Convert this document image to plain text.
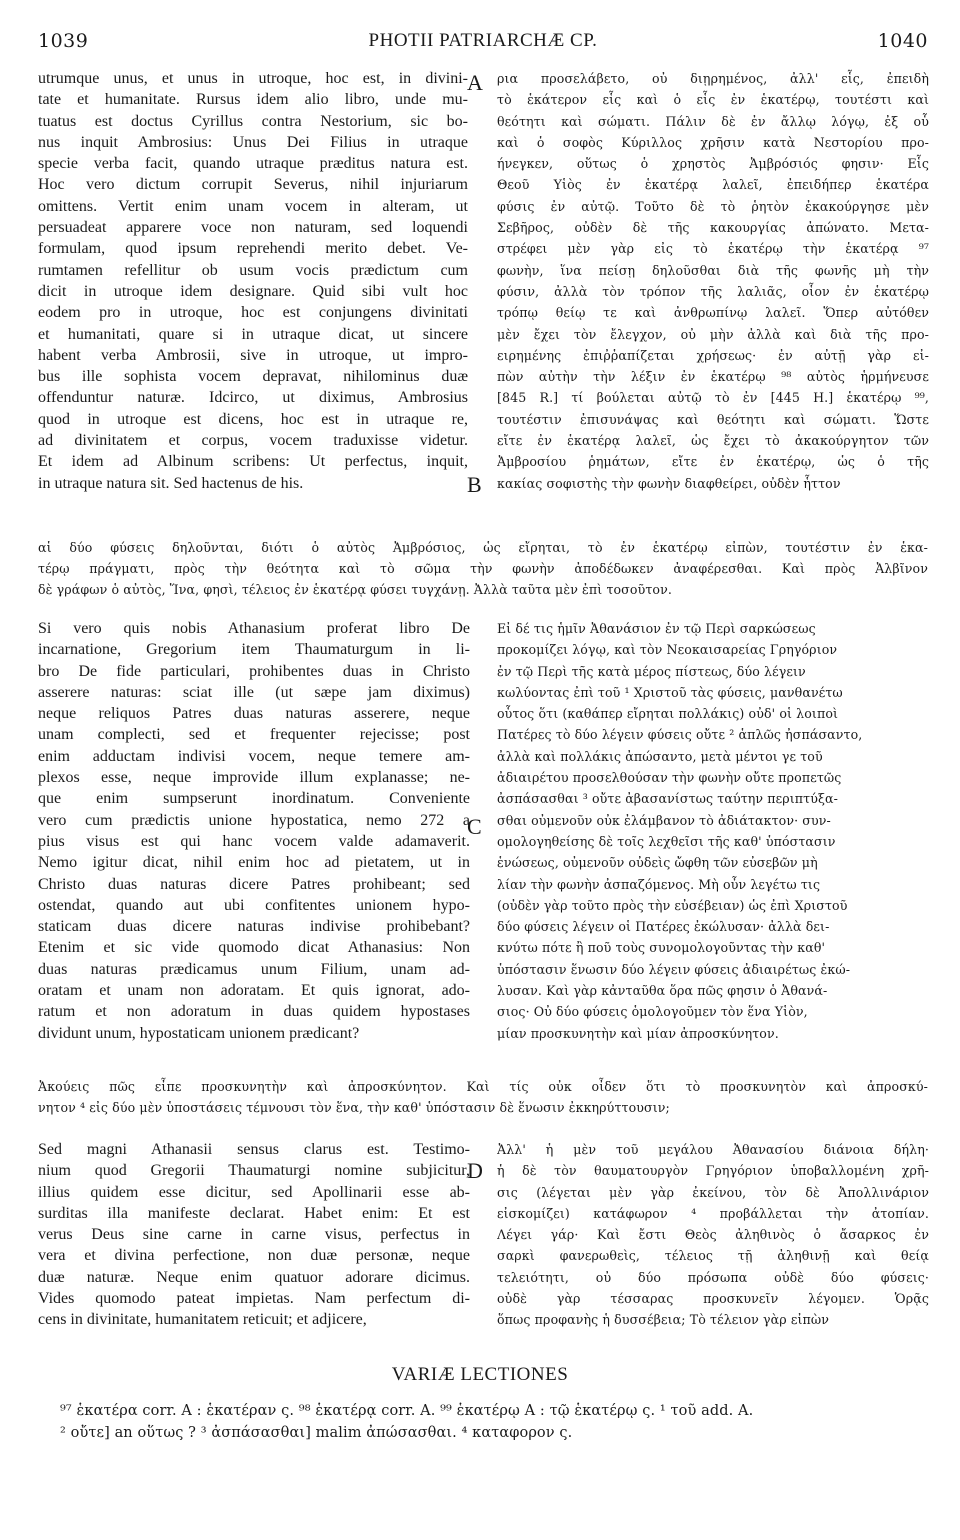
1039	PHOTII PATRIARCHÆ CP.	1040
A
B
C
D
utrumque unus, et unus in utroque, hoc est, in divini-
tate et humanitate. Rursus idem alio libro, unde mu-
tuatus est doctus Cyrillus contra Nestorium, sic bo-
nus inquit Ambrosius: Unus Dei Filius in utraque
specie verba facit, quando utraque præditus natura est.
Hoc vero dictum corrupit Severus, nihil injuriarum
omittens. Vertit enim unam vocem in alteram, ut
persuadeat apparere voce non naturam, sed loquendi
formulam, quod ipsum reprehendi merito debet. Ve-
rumtamen refellitur ob usum vocis prædictum cum
dicit in utroque idem designare. Quid sibi vult hoc
eodem pro in utroque, hoc est conjungens divinitati
et humanitati, quare si in utraque dicat, ut sincere
habent verba Ambrosii, sive in utroque, ut impro-
bus ille sophista vocem depravat, nihilominus duæ
offenduntur naturæ. Idcirco, ut diximus, Ambrosius
quod in utroque est dicens, hoc est in utraque re,
ad divinitatem et corpus, vocem traduxisse videtur.
Et idem ad Albinum scribens: Ut perfectus, inquit,
in utraque natura sit. Sed hactenus de his.
ρια προσελάβετο, οὐ διῃρημένος, ἀλλ' εἷς, ἐπειδὴ
τὸ ἑκάτερον εἷς καὶ ὁ εἷς ἐν ἑκατέρῳ, τουτέστι καὶ
θεότητι καὶ σώματι. Πάλιν δὲ ἐν ἄλλῳ λόγῳ, ἐξ οὗ
καὶ ὁ σοφὸς Κύριλλος χρῆσιν κατὰ Νεστορίου προ-
ήνεγκεν, οὕτως ὁ χρηστὸς Ἀμβρόσιός φησιν· Εἷς
Θεοῦ Υἱὸς ἐν ἑκατέρᾳ λαλεῖ, ἐπειδήπερ ἑκατέρα
φύσις ἐν αὐτῷ. Τοῦτο δὲ τὸ ῥητὸν ἐκακούργησε μὲν
Σεβῆρος, οὐδὲν δὲ τῆς κακουργίας ἀπώνατο. Μετα-
στρέφει μὲν γὰρ εἰς τὸ ἑκατέρῳ τὴν ἑκατέρᾳ ⁹⁷
φωνὴν, ἵνα πείσῃ δηλοῦσθαι διὰ τῆς φωνῆς μὴ τὴν
φύσιν, ἀλλὰ τὸν τρόπον τῆς λαλιᾶς, οἷον ἐν ἑκατέρῳ
τρόπῳ θείῳ τε καὶ ἀνθρωπίνῳ λαλεῖ. Ὅπερ αὐτόθεν
μὲν ἔχει τὸν ἔλεγχον, οὐ μὴν ἀλλὰ καὶ διὰ τῆς προ-
ειρημένης ἐπιῤῥαπίζεται χρήσεως· ἐν αὐτῇ γὰρ εἰ-
πὼν αὐτὴν τὴν λέξιν ἐν ἑκατέρῳ ⁹⁸ αὐτὸς ἡρμήνευσε
[845 R.] τί βούλεται αὐτῷ τὸ ἐν [445 H.] ἑκατέρῳ ⁹⁹,
τουτέστιν ἐπισυνάψας καὶ θεότητι καὶ σώματι. Ὥστε
εἴτε ἐν ἑκατέρᾳ λαλεῖ, ὡς ἔχει τὸ ἀκακούργητον τῶν
Ἀμβροσίου ῥημάτων, εἴτε ἐν ἑκατέρῳ, ὡς ὁ τῆς
κακίας σοφιστὴς τὴν φωνὴν διαφθείρει, οὐδὲν ἧττον
αἱ δύο φύσεις δηλοῦνται, διότι ὁ αὐτὸς Ἀμβρόσιος, ὡς εἴρηται, τὸ ἐν ἑκατέρῳ εἰπὼν, τουτέστιν ἐν ἑκα-
τέρῳ πράγματι, πρὸς τὴν θεότητα καὶ τὸ σῶμα τὴν φωνὴν ἀποδέδωκεν ἀναφέρεσθαι. Καὶ πρὸς Ἀλβῖνον
δὲ γράφων ὁ αὐτὸς, Ἵνα, φησὶ, τέλειος ἐν ἑκατέρᾳ φύσει τυγχάνῃ. Ἀλλὰ ταῦτα μὲν ἐπὶ τοσοῦτον.
Si vero quis nobis Athanasium proferat libro De
incarnatione, Gregorium item Thaumaturgum in li-
bro De fide particulari, prohibentes duas in Christo
asserere naturas: sciat ille (ut sæpe jam diximus)
neque reliquos Patres duas naturas asserere, neque
unam complecti, sed et frequenter rejecisse; post
enim adductam indivisi vocem, neque temere am-
plexos esse, neque improvide illum explanasse; ne-
que enim sumpserunt inordinatum. Conveniente
vero cum prædictis unione hypostatica, nemo 272 a
pius visus est qui hanc vocem valde adamaverit.
Nemo igitur dicat, nihil enim hoc ad pietatem, ut in
Christo duas naturas dicere Patres prohibeant; sed
ostendat, quando aut ubi confitentes unionem hypo-
staticam duas dicere naturas indivise prohibebant?
Etenim et sic vide quomodo dicat Athanasius: Non
duas naturas prædicamus unum Filium, unam ad-
oratam et unam non adoratam. Et quis ignorat, ado-
ratum et non adoratum in duas quidem hypostases
dividunt unum, hypostaticam unionem prædicant?
Εἰ δέ τις ἡμῖν Ἀθανάσιον ἐν τῷ Περὶ σαρκώσεως
προκομίζει λόγῳ, καὶ τὸν Νεοκαισαρείας Γρηγόριον
ἐν τῷ Περὶ τῆς κατὰ μέρος πίστεως, δύο λέγειν
κωλύοντας ἐπὶ τοῦ ¹ Χριστοῦ τὰς φύσεις, μανθανέτω
οὗτος ὅτι (καθάπερ εἴρηται πολλάκις) οὐδ' οἱ λοιποὶ
Πατέρες τὸ δύο λέγειν φύσεις οὔτε ² ἁπλῶς ἠσπάσαντο,
ἀλλὰ καὶ πολλάκις ἀπώσαντο, μετὰ μέντοι γε τοῦ
ἀδιαιρέτου προσελθούσαν τὴν φωνὴν οὔτε προπετῶς
ἀσπάσασθαι ³ οὔτε ἀβασανίστως ταύτην περιπτύξα-
σθαι οὐμενοῦν οὐκ ἐλάμβανον τὸ ἀδιάτακτον· συν-
ομολογηθείσης δὲ τοῖς λεχθεῖσι τῆς καθ' ὑπόστασιν
ἑνώσεως, οὐμενοῦν οὐδεὶς ὤφθη τῶν εὐσεβῶν μὴ
λίαν τὴν φωνὴν ἀσπαζόμενος. Μὴ οὖν λεγέτω τις
(οὐδὲν γὰρ τοῦτο πρὸς τὴν εὐσέβειαν) ὡς ἐπὶ Χριστοῦ
δύο φύσεις λέγειν οἱ Πατέρες ἐκώλυσαν· ἀλλὰ δει-
κνύτω πότε ἢ ποῦ τοὺς συνομολογοῦντας τὴν καθ'
ὑπόστασιν ἕνωσιν δύο λέγειν φύσεις ἀδιαιρέτως ἐκώ-
λυσαν. Καὶ γὰρ κἀνταῦθα ὅρα πῶς φησιν ὁ Ἀθανά-
σιος· Οὐ δύο φύσεις ὁμολογοῦμεν τὸν ἕνα Υἱὸν,
μίαν προσκυνητὴν καὶ μίαν ἀπροσκύνητον.
Ἀκούεις πῶς εἶπε προσκυνητὴν καὶ ἀπροσκύνητον. Καὶ τίς οὐκ οἶδεν ὅτι τὸ προσκυνητὸν καὶ ἀπροσκύ-
νητον ⁴ εἰς δύο μὲν ὑποστάσεις τέμνουσι τὸν ἕνα, τὴν καθ' ὑπόστασιν δὲ ἕνωσιν ἐκκηρύττουσιν;
Sed magni Athanasii sensus clarus est. Testimo-
nium quod Gregorii Thaumaturgi nomine subjicitur,
illius quidem esse dicitur, sed Apollinarii esse ab-
surditas illa manifeste declarat. Habet enim: Et est
verus Deus sine carne in carne visus, perfectus in
vera et divina perfectione, non duæ personæ, neque
duæ naturæ. Neque enim quatuor adorare dicimus.
Vides quomodo pateat impietas. Nam perfectum di-
cens in divinitate, humanitatem reticuit; et adjicere,
Ἀλλ' ἡ μὲν τοῦ μεγάλου Ἀθανασίου διάνοια δήλη·
ἡ δὲ τὸν θαυματουργὸν Γρηγόριον ὑποβαλλομένη χρῆ-
σις (λέγεται μὲν γὰρ ἐκείνου, τὸν δὲ Ἀπολλινάριον
εἰσκομίζει) κατάφωρον ⁴ προβάλλεται τὴν ἀτοπίαν.
Λέγει γάρ· Καὶ ἔστι Θεὸς ἀληθινὸς ὁ ἄσαρκος ἐν
σαρκὶ φανερωθεὶς, τέλειος τῇ ἀληθινῇ καὶ θείᾳ
τελειότητι, οὐ δύο πρόσωπα οὐδὲ δύο φύσεις·
οὐδὲ γὰρ τέσσαρας προσκυνεῖν λέγομεν. Ὁρᾷς
ὅπως προφανὴς ἡ δυσσέβεια; Τὸ τέλειον γὰρ εἰπὼν
VARIÆ LECTIONES
⁹⁷ ἑκατέρα corr. A : ἑκατέραν ς. ⁹⁸ ἑκατέρᾳ corr. A. ⁹⁹ ἑκατέρῳ A : τῷ ἑκατέρῳ ς. ¹ τοῦ add. A.
² οὔτε] an οὕτως ? ³ ἀσπάσασθαι] malim ἀπώσασθαι. ⁴ καταφορον ς.
